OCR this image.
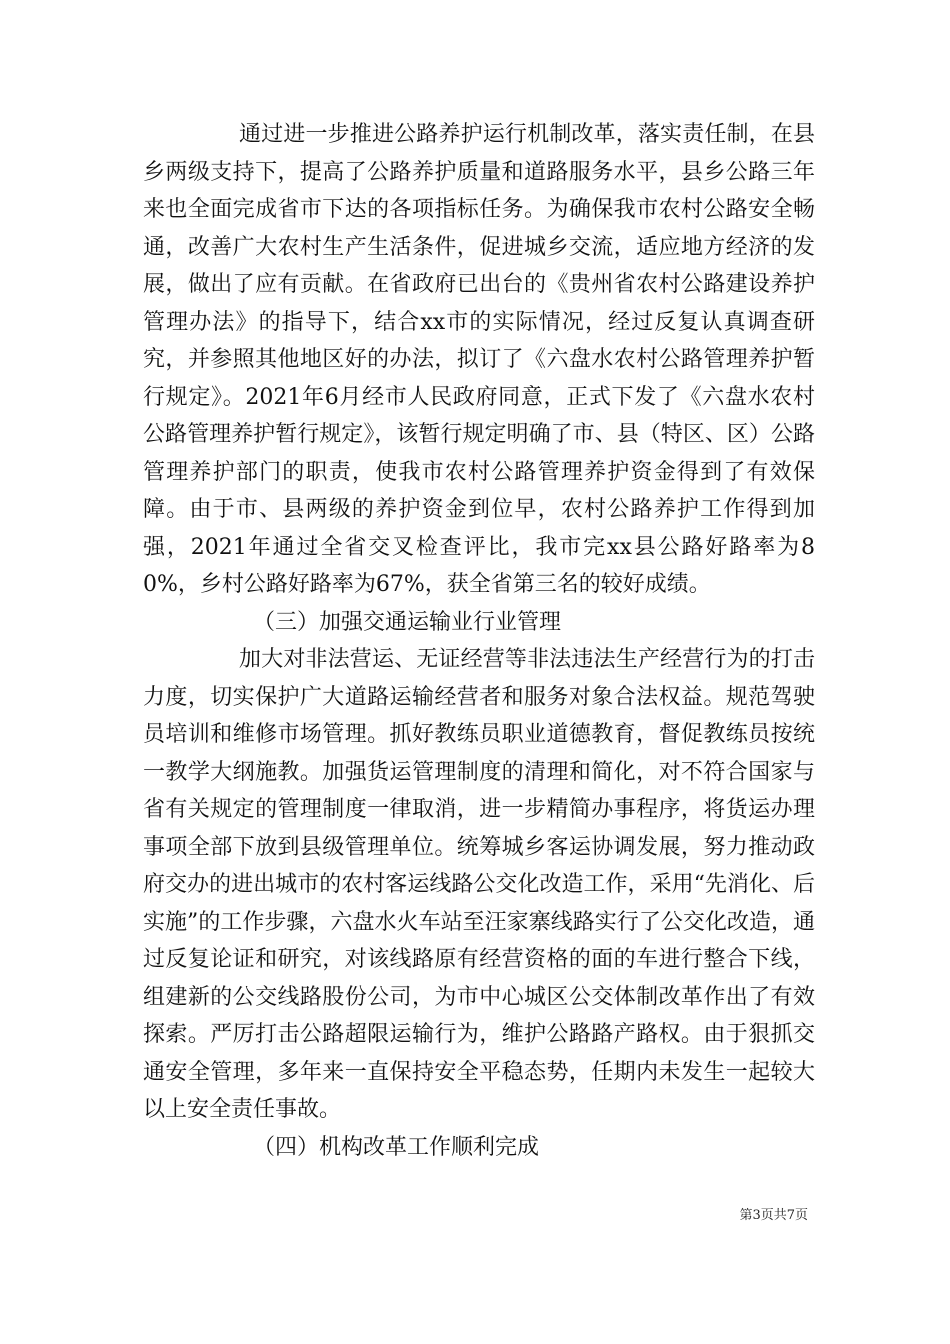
通过进一步推进公路养护运行机制改革，落实责任制，在县乡两级支持下，提高了公路养护质量和道路服务水平，县乡公路三年来也全面完成省市下达的各项指标任务。为确保我市农村公路安全畅通，改善广大农村生产生活条件，促进城乡交流，适应地方经济的发展，做出了应有贡献。在省政府已出台的《贵州省农村公路建设养护管理办法》的指导下，结合xx市的实际情况，经过反复认真调查研究，并参照其他地区好的办法，拟订了《六盘水农村公路管理养护暂行规定》。2021年6月经市人民政府同意，正式下发了《六盘水农村公路管理养护暂行规定》，该暂行规定明确了市、县（特区、区）公路管理养护部门的职责，使我市农村公路管理养护资金得到了有效保障。由于市、县两级的养护资金到位早，农村公路养护工作得到加强，2021年通过全省交叉检查评比，我市完xx县公路好路率为80%，乡村公路好路率为67%，获全省第三名的较好成绩。

（三）加强交通运输业行业管理

加大对非法营运、无证经营等非法违法生产经营行为的打击力度，切实保护广大道路运输经营者和服务对象合法权益。规范驾驶员培训和维修市场管理。抓好教练员职业道德教育，督促教练员按统一教学大纲施教。加强货运管理制度的清理和简化，对不符合国家与省有关规定的管理制度一律取消，进一步精简办事程序，将货运办理事项全部下放到县级管理单位。统筹城乡客运协调发展，努力推动政府交办的进出城市的农村客运线路公交化改造工作，采用“先消化、后实施”的工作步骤，六盘水火车站至汪家寨线路实行了公交化改造，通过反复论证和研究，对该线路原有经营资格的面的车进行整合下线，组建新的公交线路股份公司，为市中心城区公交体制改革作出了有效探索。严厉打击公路超限运输行为，维护公路路产路权。由于狠抓交通安全管理，多年来一直保持安全平稳态势，任期内未发生一起较大以上安全责任事故。

（四）机构改革工作顺利完成

第3页共7页
